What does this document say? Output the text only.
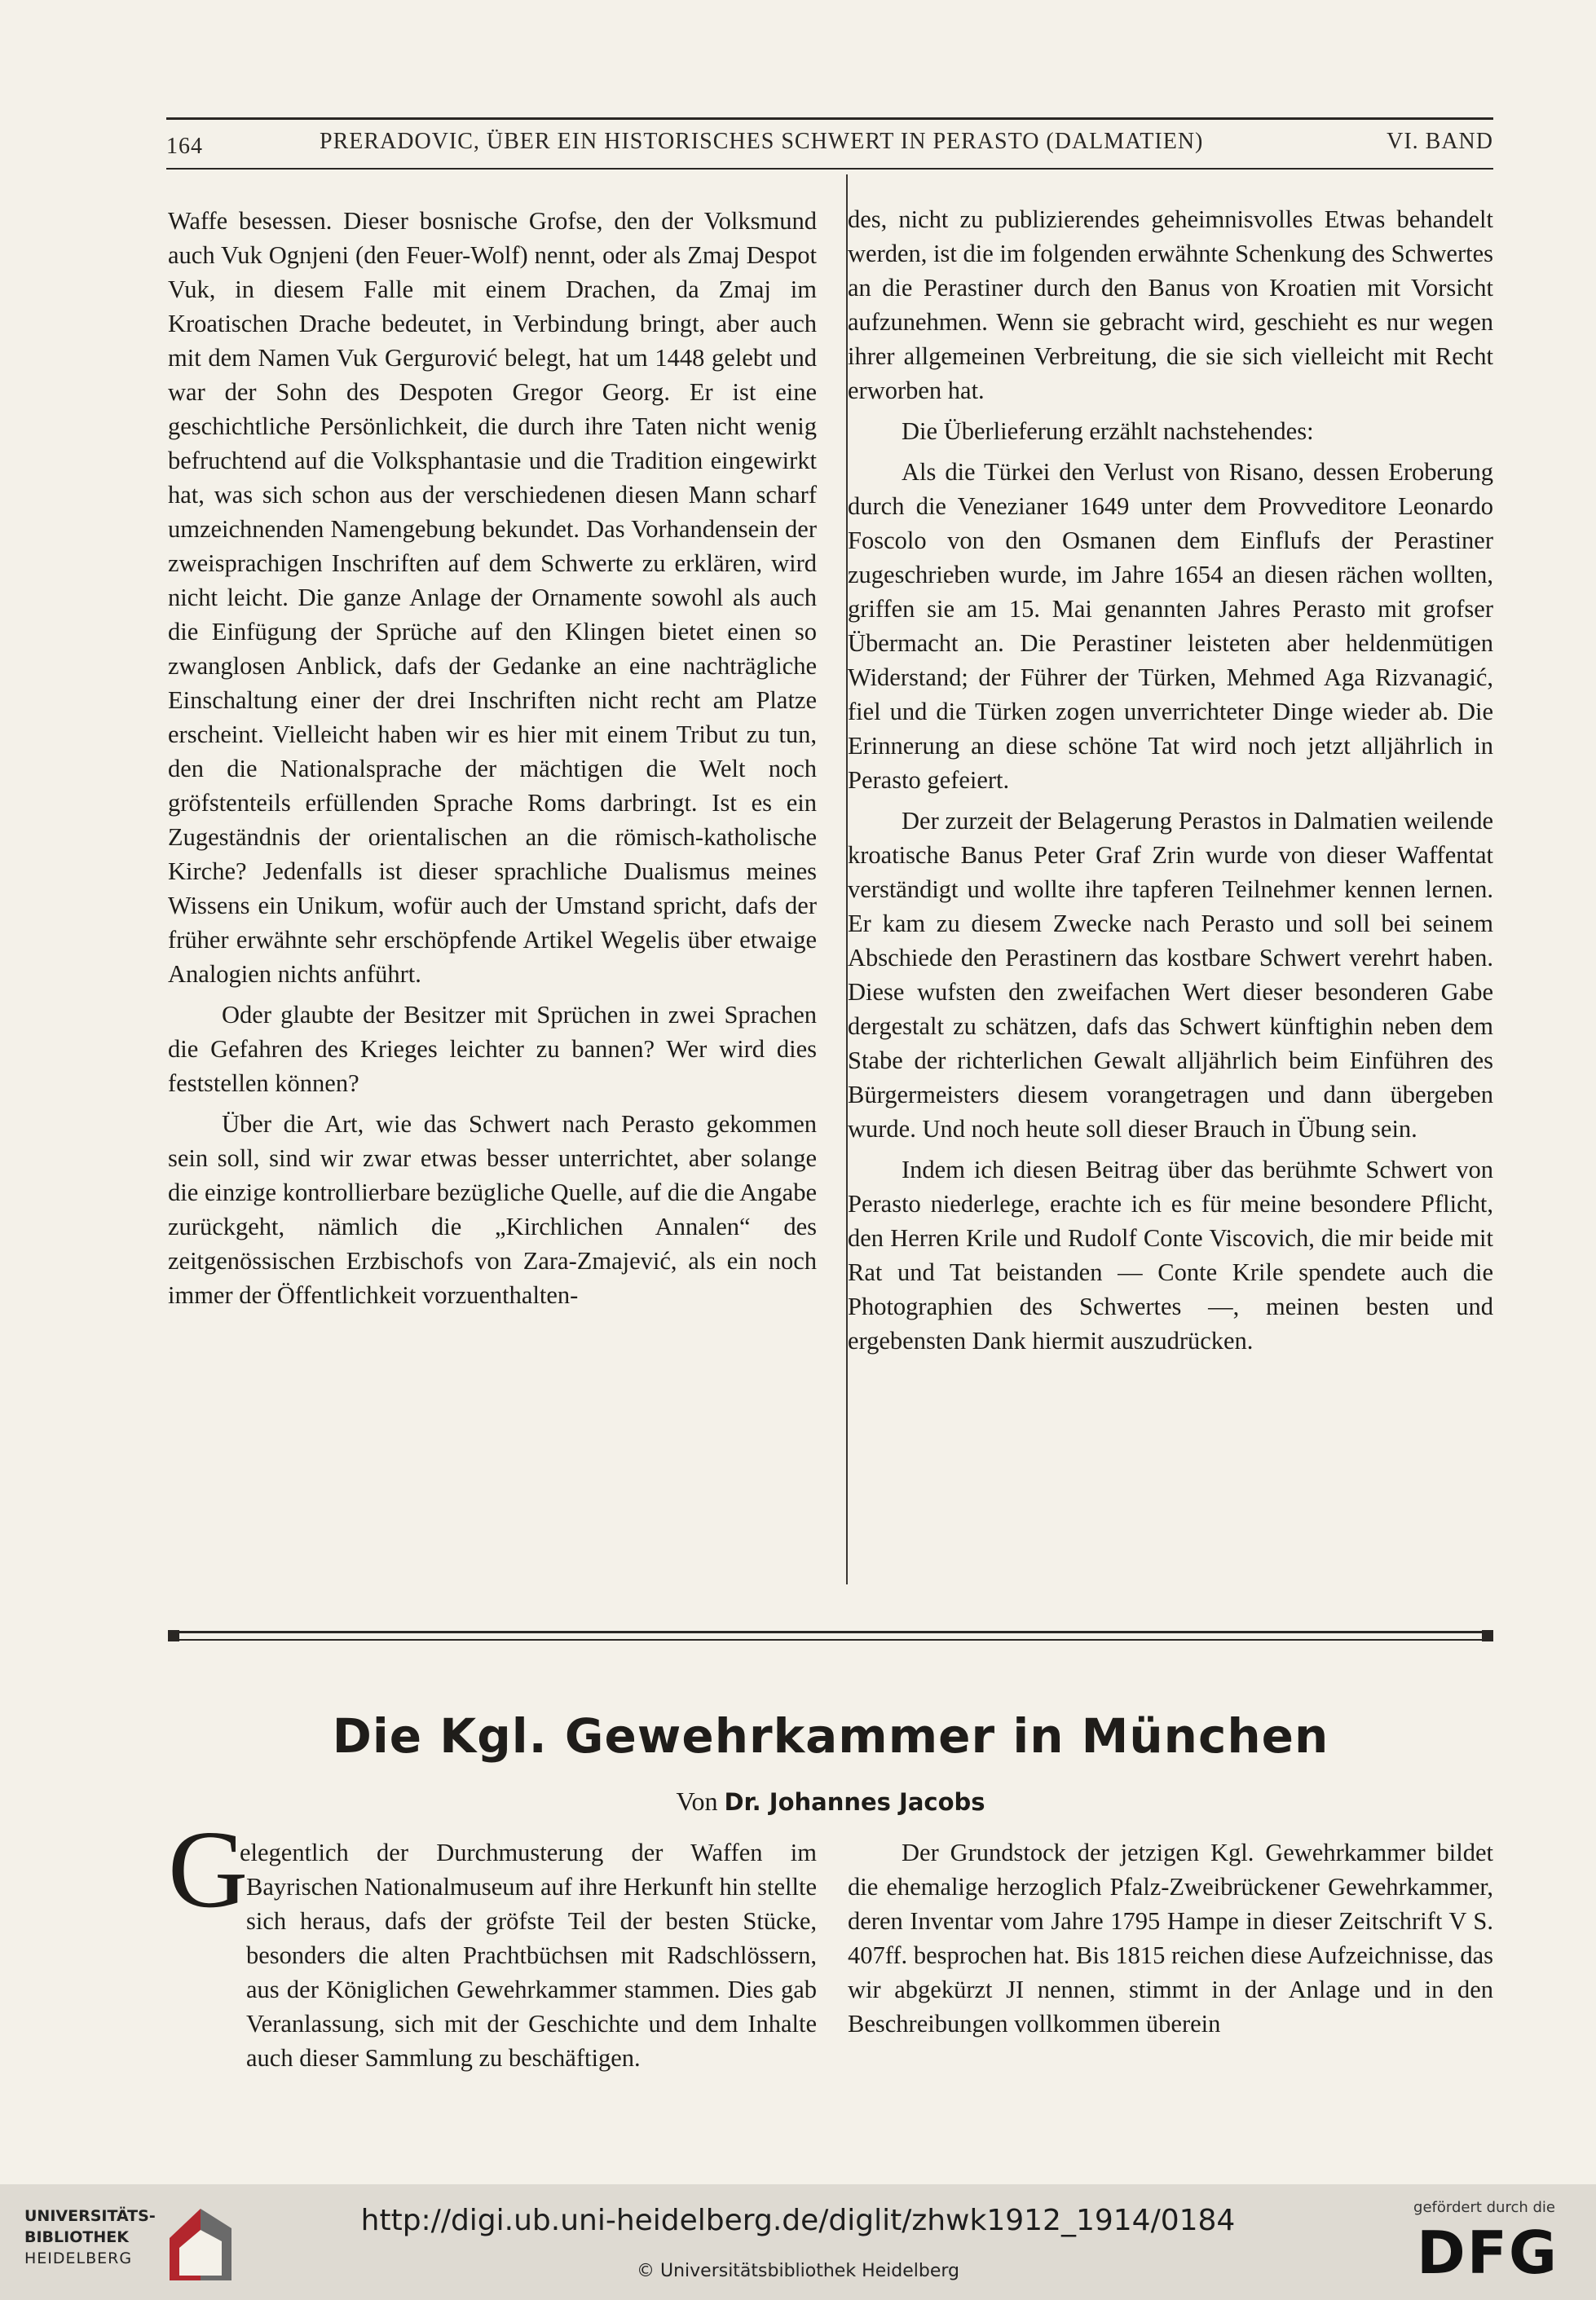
164	PRERADOVIC, ÜBER EIN HISTORISCHES SCHWERT IN PERASTO (DALMATIEN)	VI. BAND

Waffe besessen. Dieser bosnische Grofse, den der Volksmund auch Vuk Ognjeni (den Feuer-Wolf) nennt, oder als Zmaj Despot Vuk, in diesem Falle mit einem Drachen, da Zmaj im Kroatischen Drache bedeutet, in Verbindung bringt, aber auch mit dem Namen Vuk Gergurović belegt, hat um 1448 gelebt und war der Sohn des Despoten Gregor Georg. Er ist eine geschichtliche Persönlichkeit, die durch ihre Taten nicht wenig befruchtend auf die Volksphantasie und die Tradition eingewirkt hat, was sich schon aus der verschiedenen diesen Mann scharf umzeichnenden Namengebung bekundet. Das Vorhandensein der zweisprachigen Inschriften auf dem Schwerte zu erklären, wird nicht leicht. Die ganze Anlage der Ornamente sowohl als auch die Einfügung der Sprüche auf den Klingen bietet einen so zwanglosen Anblick, dafs der Gedanke an eine nachträgliche Einschaltung einer der drei Inschriften nicht recht am Platze erscheint. Vielleicht haben wir es hier mit einem Tribut zu tun, den die Nationalsprache der mächtigen die Welt noch gröfstenteils erfüllenden Sprache Roms darbringt. Ist es ein Zugeständnis der orientalischen an die römisch-katholische Kirche? Jedenfalls ist dieser sprachliche Dualismus meines Wissens ein Unikum, wofür auch der Umstand spricht, dafs der früher erwähnte sehr erschöpfende Artikel Wegelis über etwaige Analogien nichts anführt.

Oder glaubte der Besitzer mit Sprüchen in zwei Sprachen die Gefahren des Krieges leichter zu bannen? Wer wird dies feststellen können?

Über die Art, wie das Schwert nach Perasto gekommen sein soll, sind wir zwar etwas besser unterrichtet, aber solange die einzige kontrollierbare bezügliche Quelle, auf die die Angabe zurückgeht, nämlich die „Kirchlichen Annalen“ des zeitgenössischen Erzbischofs von Zara-Zmajević, als ein noch immer der Öffentlichkeit vorzuenthalten-

des, nicht zu publizierendes geheimnisvolles Etwas behandelt werden, ist die im folgenden erwähnte Schenkung des Schwertes an die Perastiner durch den Banus von Kroatien mit Vorsicht aufzunehmen. Wenn sie gebracht wird, geschieht es nur wegen ihrer allgemeinen Verbreitung, die sie sich vielleicht mit Recht erworben hat.

Die Überlieferung erzählt nachstehendes:

Als die Türkei den Verlust von Risano, dessen Eroberung durch die Venezianer 1649 unter dem Provveditore Leonardo Foscolo von den Osmanen dem Einflufs der Perastiner zugeschrieben wurde, im Jahre 1654 an diesen rächen wollten, griffen sie am 15. Mai genannten Jahres Perasto mit grofser Übermacht an. Die Perastiner leisteten aber heldenmütigen Widerstand; der Führer der Türken, Mehmed Aga Rizvanagić, fiel und die Türken zogen unverrichteter Dinge wieder ab. Die Erinnerung an diese schöne Tat wird noch jetzt alljährlich in Perasto gefeiert.

Der zurzeit der Belagerung Perastos in Dalmatien weilende kroatische Banus Peter Graf Zrin wurde von dieser Waffentat verständigt und wollte ihre tapferen Teilnehmer kennen lernen. Er kam zu diesem Zwecke nach Perasto und soll bei seinem Abschiede den Perastinern das kostbare Schwert verehrt haben. Diese wufsten den zweifachen Wert dieser besonderen Gabe dergestalt zu schätzen, dafs das Schwert künftighin neben dem Stabe der richterlichen Gewalt alljährlich beim Einführen des Bürgermeisters diesem vorangetragen und dann übergeben wurde. Und noch heute soll dieser Brauch in Übung sein.

Indem ich diesen Beitrag über das berühmte Schwert von Perasto niederlege, erachte ich es für meine besondere Pflicht, den Herren Krile und Rudolf Conte Viscovich, die mir beide mit Rat und Tat beistanden — Conte Krile spendete auch die Photographien des Schwertes —, meinen besten und ergebensten Dank hiermit auszudrücken.

Die Kgl. Gewehrkammer in München
Von Dr. Johannes Jacobs
G

elegentlich der Durchmusterung der Waffen im Bayrischen Nationalmuseum auf ihre Herkunft hin stellte sich heraus, dafs der gröfste Teil der besten Stücke, besonders die alten Prachtbüchsen mit Radschlössern, aus der Königlichen Gewehrkammer stammen. Dies gab Veranlassung, sich mit der Geschichte und dem Inhalte auch dieser Sammlung zu beschäftigen.

Der Grundstock der jetzigen Kgl. Gewehrkammer bildet die ehemalige herzoglich Pfalz-Zweibrückener Gewehrkammer, deren Inventar vom Jahre 1795 Hampe in dieser Zeitschrift V S. 407ff. besprochen hat. Bis 1815 reichen diese Aufzeichnisse, das wir abgekürzt JI nennen, stimmt in der Anlage und in den Beschreibungen vollkommen überein

UNIVERSITÄTS-
BIBLIOTHEK
HEIDELBERG
http://digi.ub.uni-heidelberg.de/diglit/zhwk1912_1914/0184
© Universitätsbibliothek Heidelberg
gefördert durch die
DFG
